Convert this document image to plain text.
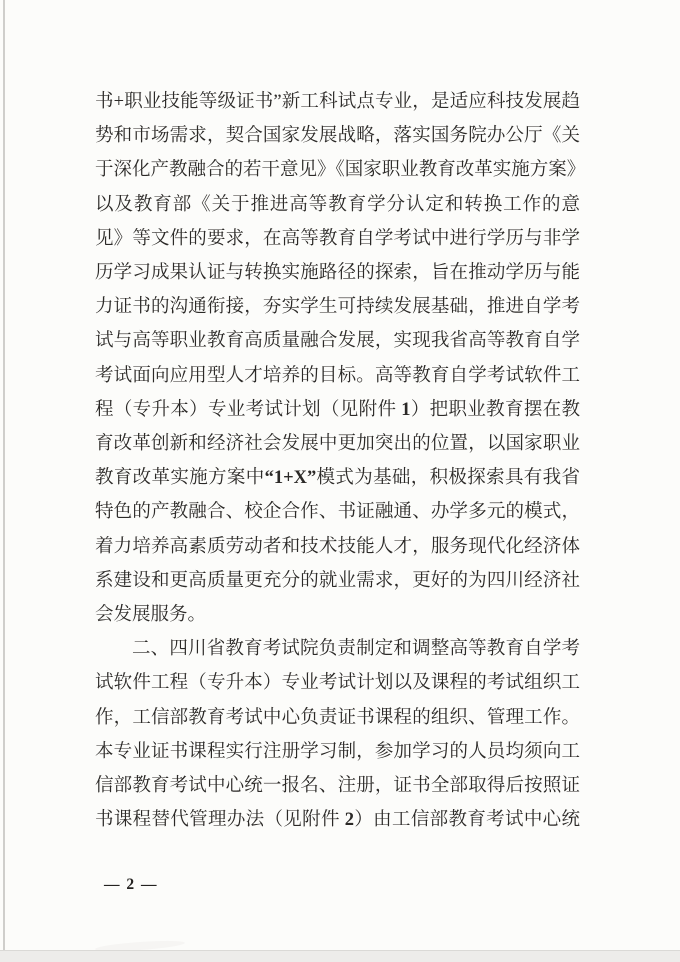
书+职业技能等级证书”新工科试点专业，是适应科技发展趋
势和市场需求，契合国家发展战略，落实国务院办公厅《关
于深化产教融合的若干意见》《国家职业教育改革实施方案》
以及教育部《关于推进高等教育学分认定和转换工作的意
见》等文件的要求，在高等教育自学考试中进行学历与非学
历学习成果认证与转换实施路径的探索，旨在推动学历与能
力证书的沟通衔接，夯实学生可持续发展基础，推进自学考
试与高等职业教育高质量融合发展，实现我省高等教育自学
考试面向应用型人才培养的目标。高等教育自学考试软件工
程（专升本）专业考试计划（见附件 1）把职业教育摆在教
育改革创新和经济社会发展中更加突出的位置，以国家职业
教育改革实施方案中“1+X”模式为基础，积极探索具有我省
特色的产教融合、校企合作、书证融通、办学多元的模式，
着力培养高素质劳动者和技术技能人才，服务现代化经济体
系建设和更高质量更充分的就业需求，更好的为四川经济社
会发展服务。
二、四川省教育考试院负责制定和调整高等教育自学考
试软件工程（专升本）专业考试计划以及课程的考试组织工
作，工信部教育考试中心负责证书课程的组织、管理工作。
本专业证书课程实行注册学习制，参加学习的人员均须向工
信部教育考试中心统一报名、注册，证书全部取得后按照证
书课程替代管理办法（见附件 2）由工信部教育考试中心统
— 2 —
